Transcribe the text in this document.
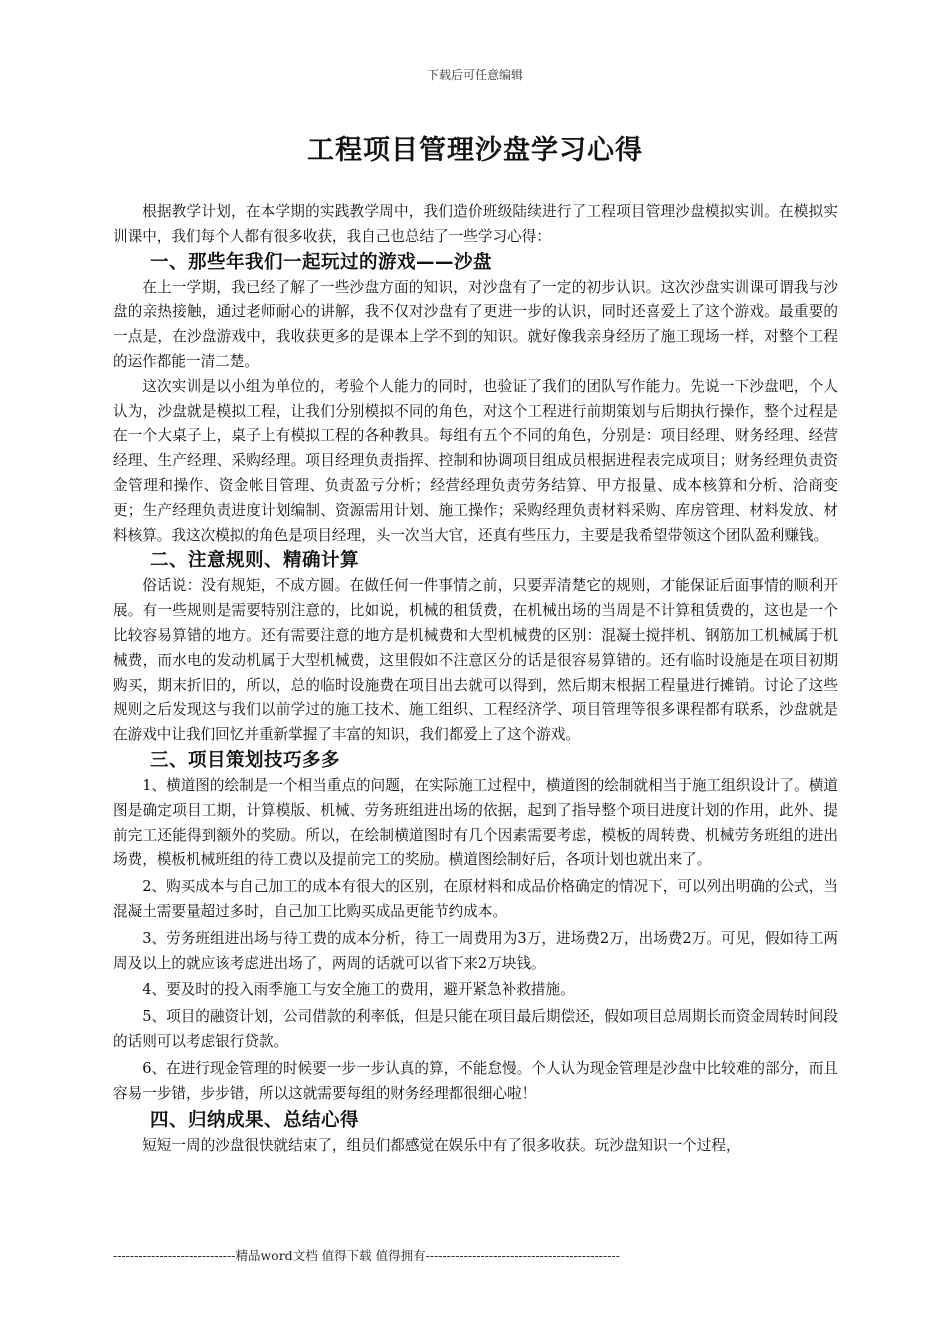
下载后可任意编辑
工程项目管理沙盘学习心得

根据教学计划，在本学期的实践教学周中，我们造价班级陆续进行了工程项目管理沙盘模拟实训。在模拟实训课中，我们每个人都有很多收获，我自己也总结了一些学习心得：

一、那些年我们一起玩过的游戏——沙盘

在上一学期，我已经了解了一些沙盘方面的知识，对沙盘有了一定的初步认识。这次沙盘实训课可谓我与沙盘的亲热接触，通过老师耐心的讲解，我不仅对沙盘有了更进一步的认识，同时还喜爱上了这个游戏。最重要的一点是，在沙盘游戏中，我收获更多的是课本上学不到的知识。就好像我亲身经历了施工现场一样，对整个工程的运作都能一清二楚。

这次实训是以小组为单位的，考验个人能力的同时，也验证了我们的团队写作能力。先说一下沙盘吧，个人认为，沙盘就是模拟工程，让我们分别模拟不同的角色，对这个工程进行前期策划与后期执行操作，整个过程是在一个大桌子上，桌子上有模拟工程的各种教具。每组有五个不同的角色，分别是：项目经理、财务经理、经营经理、生产经理、采购经理。项目经理负责指挥、控制和协调项目组成员根据进程表完成项目；财务经理负责资金管理和操作、资金帐目管理、负责盈亏分析；经营经理负责劳务结算、甲方报量、成本核算和分析、洽商变更；生产经理负责进度计划编制、资源需用计划、施工操作；采购经理负责材料采购、库房管理、材料发放、材料核算。我这次模拟的角色是项目经理，头一次当大官，还真有些压力，主要是我希望带领这个团队盈利赚钱。

二、注意规则、精确计算

俗话说：没有规矩，不成方圆。在做任何一件事情之前，只要弄清楚它的规则，才能保证后面事情的顺利开展。有一些规则是需要特别注意的，比如说，机械的租赁费，在机械出场的当周是不计算租赁费的，这也是一个比较容易算错的地方。还有需要注意的地方是机械费和大型机械费的区别：混凝土搅拌机、钢筋加工机械属于机械费，而水电的发动机属于大型机械费，这里假如不注意区分的话是很容易算错的。还有临时设施是在项目初期购买，期末折旧的，所以，总的临时设施费在项目出去就可以得到，然后期末根据工程量进行摊销。讨论了这些规则之后发现这与我们以前学过的施工技术、施工组织、工程经济学、项目管理等很多课程都有联系，沙盘就是在游戏中让我们回忆并重新掌握了丰富的知识，我们都爱上了这个游戏。

三、项目策划技巧多多

1、横道图的绘制是一个相当重点的问题，在实际施工过程中，横道图的绘制就相当于施工组织设计了。横道图是确定项目工期，计算模版、机械、劳务班组进出场的依据，起到了指导整个项目进度计划的作用，此外、提前完工还能得到额外的奖励。所以，在绘制横道图时有几个因素需要考虑，模板的周转费、机械劳务班组的进出场费，模板机械班组的待工费以及提前完工的奖励。横道图绘制好后，各项计划也就出来了。

2、购买成本与自己加工的成本有很大的区别，在原材料和成品价格确定的情况下，可以列出明确的公式，当混凝土需要量超过多时，自己加工比购买成品更能节约成本。

3、劳务班组进出场与待工费的成本分析，待工一周费用为3万，进场费2万，出场费2万。可见，假如待工两周及以上的就应该考虑进出场了，两周的话就可以省下来2万块钱。

4、要及时的投入雨季施工与安全施工的费用，避开紧急补救措施。

5、项目的融资计划，公司借款的利率低，但是只能在项目最后期偿还，假如项目总周期长而资金周转时间段的话则可以考虑银行贷款。

6、在进行现金管理的时候要一步一步认真的算，不能怠慢。个人认为现金管理是沙盘中比较难的部分，而且容易一步错，步步错，所以这就需要每组的财务经理都很细心啦！

四、归纳成果、总结心得

短短一周的沙盘很快就结束了，组员们都感觉在娱乐中有了很多收获。玩沙盘知识一个过程，

-----------------------------精品word文档 值得下载 值得拥有----------------------------------------------
